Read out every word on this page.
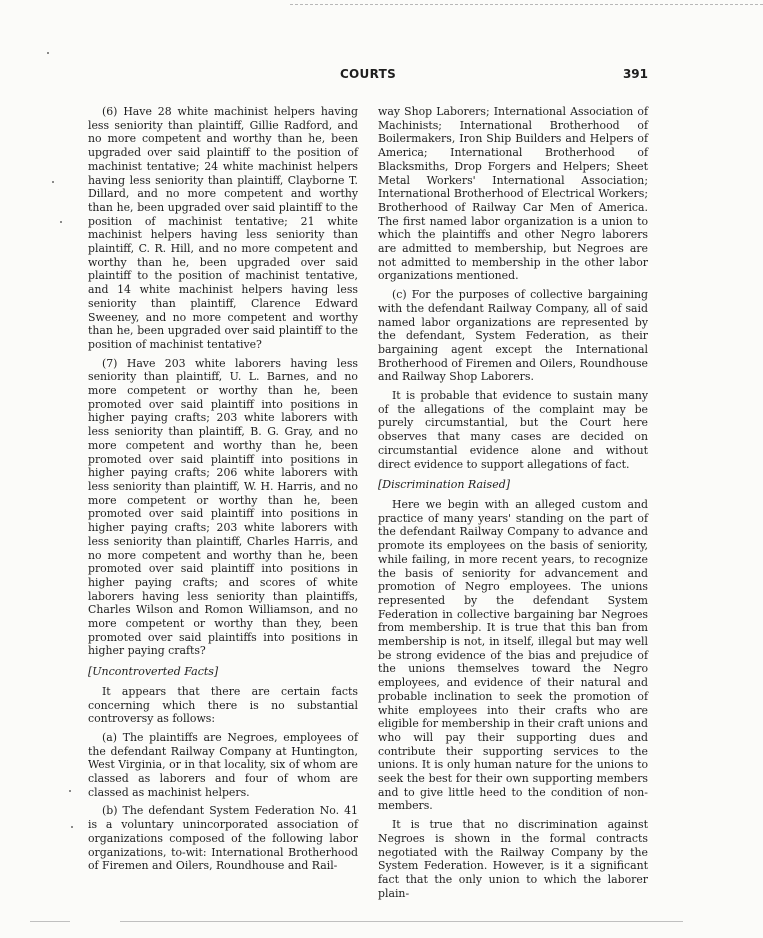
COURTS	391

(6) Have 28 white machinist helpers having less seniority than plaintiff, Gillie Radford, and no more competent and worthy than he, been upgraded over said plaintiff to the position of machinist tentative; 24 white machinist helpers having less seniority than plaintiff, Clayborne T. Dillard, and no more competent and worthy than he, been upgraded over said plaintiff to the position of machinist tentative; 21 white machinist helpers having less seniority than plaintiff, C. R. Hill, and no more competent and worthy than he, been upgraded over said plaintiff to the position of machinist tentative, and 14 white machinist helpers having less seniority than plaintiff, Clarence Edward Sweeney, and no more competent and worthy than he, been upgraded over said plaintiff to the position of machinist tentative?

(7) Have 203 white laborers having less seniority than plaintiff, U. L. Barnes, and no more competent or worthy than he, been promoted over said plaintiff into positions in higher paying crafts; 203 white laborers with less seniority than plaintiff, B. G. Gray, and no more competent and worthy than he, been promoted over said plaintiff into positions in higher paying crafts; 206 white laborers with less seniority than plaintiff, W. H. Harris, and no more competent or worthy than he, been promoted over said plaintiff into positions in higher paying crafts; 203 white laborers with less seniority than plaintiff, Charles Harris, and no more competent and worthy than he, been promoted over said plaintiff into positions in higher paying crafts; and scores of white laborers having less seniority than plaintiffs, Charles Wilson and Romon Williamson, and no more competent or worthy than they, been promoted over said plaintiffs into positions in higher paying crafts?

[Uncontroverted Facts]

It appears that there are certain facts concerning which there is no substantial controversy as follows:

(a) The plaintiffs are Negroes, employees of the defendant Railway Company at Huntington, West Virginia, or in that locality, six of whom are classed as laborers and four of whom are classed as machinist helpers.

(b) The defendant System Federation No. 41 is a voluntary unincorporated association of organizations composed of the following labor organizations, to-wit: International Brotherhood of Firemen and Oilers, Roundhouse and Rail-

way Shop Laborers; International Association of Machinists; International Brotherhood of Boilermakers, Iron Ship Builders and Helpers of America; International Brotherhood of Blacksmiths, Drop Forgers and Helpers; Sheet Metal Workers' International Association; International Brotherhood of Electrical Workers; Brotherhood of Railway Car Men of America. The first named labor organization is a union to which the plaintiffs and other Negro laborers are admitted to membership, but Negroes are not admitted to membership in the other labor organizations mentioned.

(c) For the purposes of collective bargaining with the defendant Railway Company, all of said named labor organizations are represented by the defendant, System Federation, as their bargaining agent except the International Brotherhood of Firemen and Oilers, Roundhouse and Railway Shop Laborers.

It is probable that evidence to sustain many of the allegations of the complaint may be purely circumstantial, but the Court here observes that many cases are decided on circumstantial evidence alone and without direct evidence to support allegations of fact.

[Discrimination Raised]

Here we begin with an alleged custom and practice of many years' standing on the part of the defendant Railway Company to advance and promote its employees on the basis of seniority, while failing, in more recent years, to recognize the basis of seniority for advancement and promotion of Negro employees. The unions represented by the defendant System Federation in collective bargaining bar Negroes from membership. It is true that this ban from membership is not, in itself, illegal but may well be strong evidence of the bias and prejudice of the unions themselves toward the Negro employees, and evidence of their natural and probable inclination to seek the promotion of white employees into their crafts who are eligible for membership in their craft unions and who will pay their supporting dues and contribute their supporting services to the unions. It is only human nature for the unions to seek the best for their own supporting members and to give little heed to the condition of non-members.

It is true that no discrimination against Negroes is shown in the formal contracts negotiated with the Railway Company by the System Federation. However, is it a significant fact that the only union to which the laborer plain-
